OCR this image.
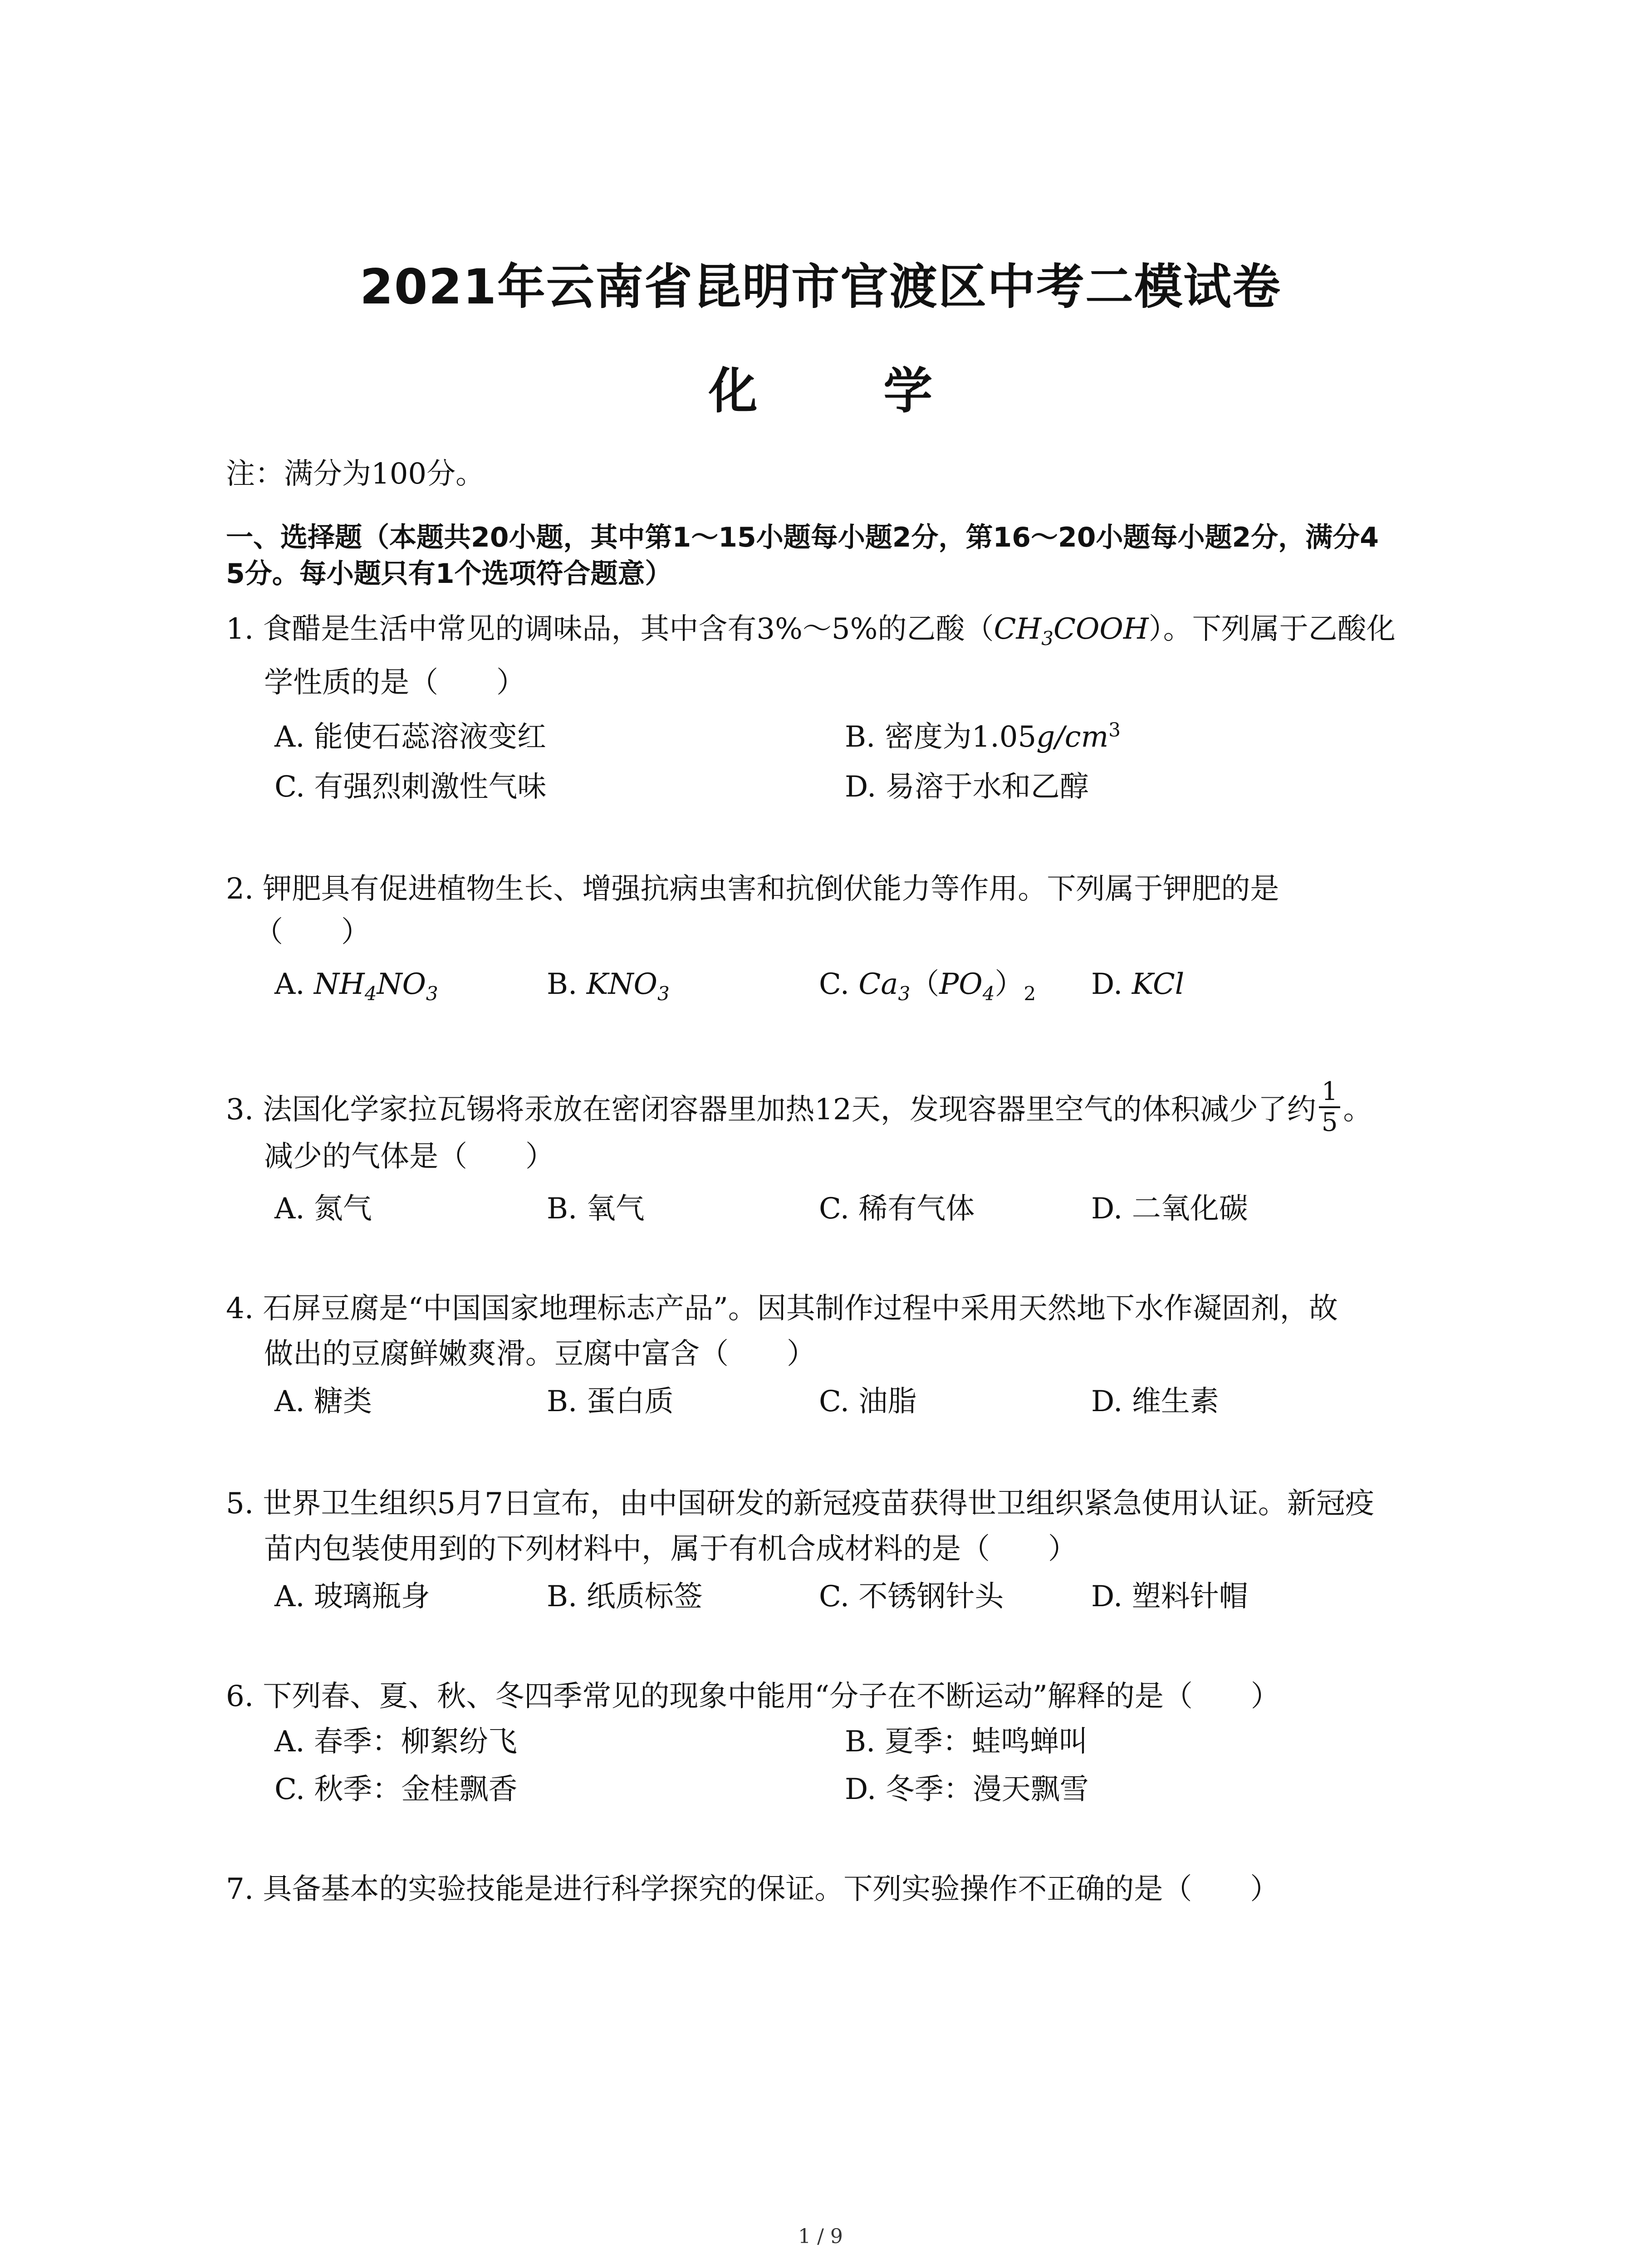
2021年云南省昆明市官渡区中考二模试卷
化 学
注：满分为100分。
一、选择题（本题共20小题，其中第1～15小题每小题2分，第16～20小题每小题2分，满分4
5分。每小题只有1个选项符合题意）
1. 食醋是生活中常见的调味品，其中含有3%～5%的乙酸$(CH_3COOH)$。下列属于乙酸化
学性质的是（　　）
A. 能使石蕊溶液变红	B. 密度为$1.05g/cm^3$
C. 有强烈刺激性气味	D. 易溶于水和乙醇
2. 钾肥具有促进植物生长、增强抗病虫害和抗倒伏能力等作用。下列属于钾肥的是
（　　）
A. $NH_4NO_3$	B. $KNO_3$	C. $Ca_3(PO_4)_2$ D. KCl
3. 法国化学家拉瓦锡将汞放在密闭容器里加热12天，发现容器里空气的体积减少了约 $\frac{1}{5}$ 。
减少的气体是（　　）
A. 氮气	B. 氧气	C. 稀有气体	D. 二氧化碳
4. 石屏豆腐是“中国国家地理标志产品”。因其制作过程中采用天然地下水作凝固剂，故
做出的豆腐鲜嫩爽滑。豆腐中富含（　　）
A. 糖类	B. 蛋白质	C. 油脂	D. 维生素
5. 世界卫生组织5月7日宣布，由中国研发的新冠疫苗获得世卫组织紧急使用认证。新冠疫
苗内包装使用到的下列材料中，属于有机合成材料的是（　　）
A. 玻璃瓶身	B. 纸质标签	C. 不锈钢针头	D. 塑料针帽
6. 下列春、夏、秋、冬四季常见的现象中能用“分子在不断运动”解释的是（　　）
A. 春季：柳絮纷飞	B. 夏季：蛙鸣蝉叫
C. 秋季：金桂飘香	D. 冬季：漫天飘雪
7. 具备基本的实验技能是进行科学探究的保证。下列实验操作不正确的是（　　）
1 / 9
